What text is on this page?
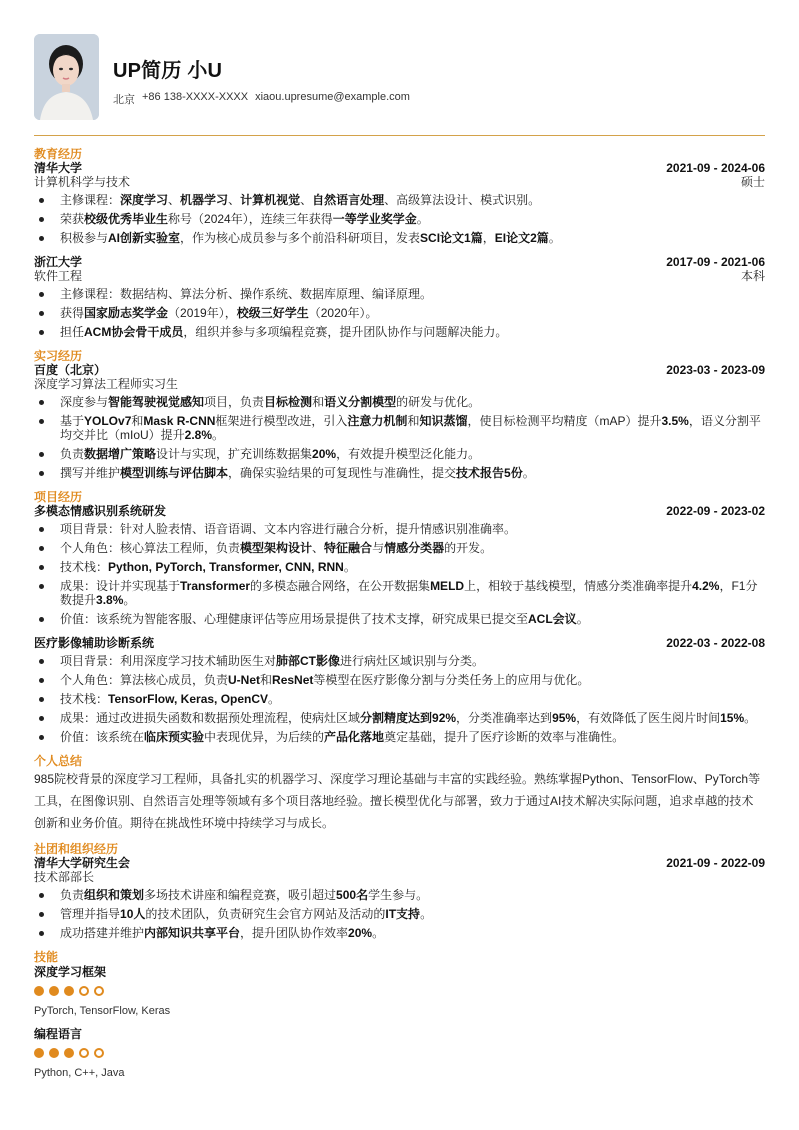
UP简历 小U
北京 +86 138-XXXX-XXXX xiaou.upresume@example.com
教育经历
清华大学	2021-09 - 2024-06
计算机科学与技术	硕士
主修课程：深度学习、机器学习、计算机视觉、自然语言处理、高级算法设计、模式识别。
荣获校级优秀毕业生称号（2024年），连续三年获得一等学业奖学金。
积极参与AI创新实验室，作为核心成员参与多个前沿科研项目，发表SCI论文1篇，EI论文2篇。
浙江大学	2017-09 - 2021-06
软件工程	本科
主修课程：数据结构、算法分析、操作系统、数据库原理、编译原理。
获得国家励志奖学金（2019年），校级三好学生（2020年）。
担任ACM协会骨干成员，组织并参与多项编程竞赛，提升团队协作与问题解决能力。
实习经历
百度（北京）	2023-03 - 2023-09
深度学习算法工程师实习生
深度参与智能驾驶视觉感知项目，负责目标检测和语义分割模型的研发与优化。
基于YOLOv7和Mask R-CNN框架进行模型改进，引入注意力机制和知识蒸馏，使目标检测平均精度（mAP）提升3.5%，语义分割平均交并比（mIoU）提升2.8%。
负责数据增广策略设计与实现，扩充训练数据集20%，有效提升模型泛化能力。
撰写并维护模型训练与评估脚本，确保实验结果的可复现性与准确性，提交技术报告5份。
项目经历
多模态情感识别系统研发	2022-09 - 2023-02
项目背景：针对人脸表情、语音语调、文本内容进行融合分析，提升情感识别准确率。
个人角色：核心算法工程师，负责模型架构设计、特征融合与情感分类器的开发。
技术栈：Python, PyTorch, Transformer, CNN, RNN。
成果：设计并实现基于Transformer的多模态融合网络，在公开数据集MELD上，相较于基线模型，情感分类准确率提升4.2%，F1分数提升3.8%。
价值：该系统为智能客服、心理健康评估等应用场景提供了技术支撑，研究成果已提交至ACL会议。
医疗影像辅助诊断系统	2022-03 - 2022-08
项目背景：利用深度学习技术辅助医生对肺部CT影像进行病灶区域识别与分类。
个人角色：算法核心成员，负责U-Net和ResNet等模型在医疗影像分割与分类任务上的应用与优化。
技术栈：TensorFlow, Keras, OpenCV。
成果：通过改进损失函数和数据预处理流程，使病灶区域分割精度达到92%，分类准确率达到95%，有效降低了医生阅片时间15%。
价值：该系统在临床预实验中表现优异，为后续的产品化落地奠定基础，提升了医疗诊断的效率与准确性。
个人总结
985院校背景的深度学习工程师，具备扎实的机器学习、深度学习理论基础与丰富的实践经验。熟练掌握Python、TensorFlow、PyTorch等工具，在图像识别、自然语言处理等领域有多个项目落地经验。擅长模型优化与部署，致力于通过AI技术解决实际问题，追求卓越的技术创新和业务价值。期待在挑战性环境中持续学习与成长。
社团和组织经历
清华大学研究生会	2021-09 - 2022-09
技术部部长
负责组织和策划多场技术讲座和编程竞赛，吸引超过500名学生参与。
管理并指导10人的技术团队，负责研究生会官方网站及活动的IT支持。
成功搭建并维护内部知识共享平台，提升团队协作效率20%。
技能
深度学习框架
PyTorch, TensorFlow, Keras
编程语言
Python, C++, Java
